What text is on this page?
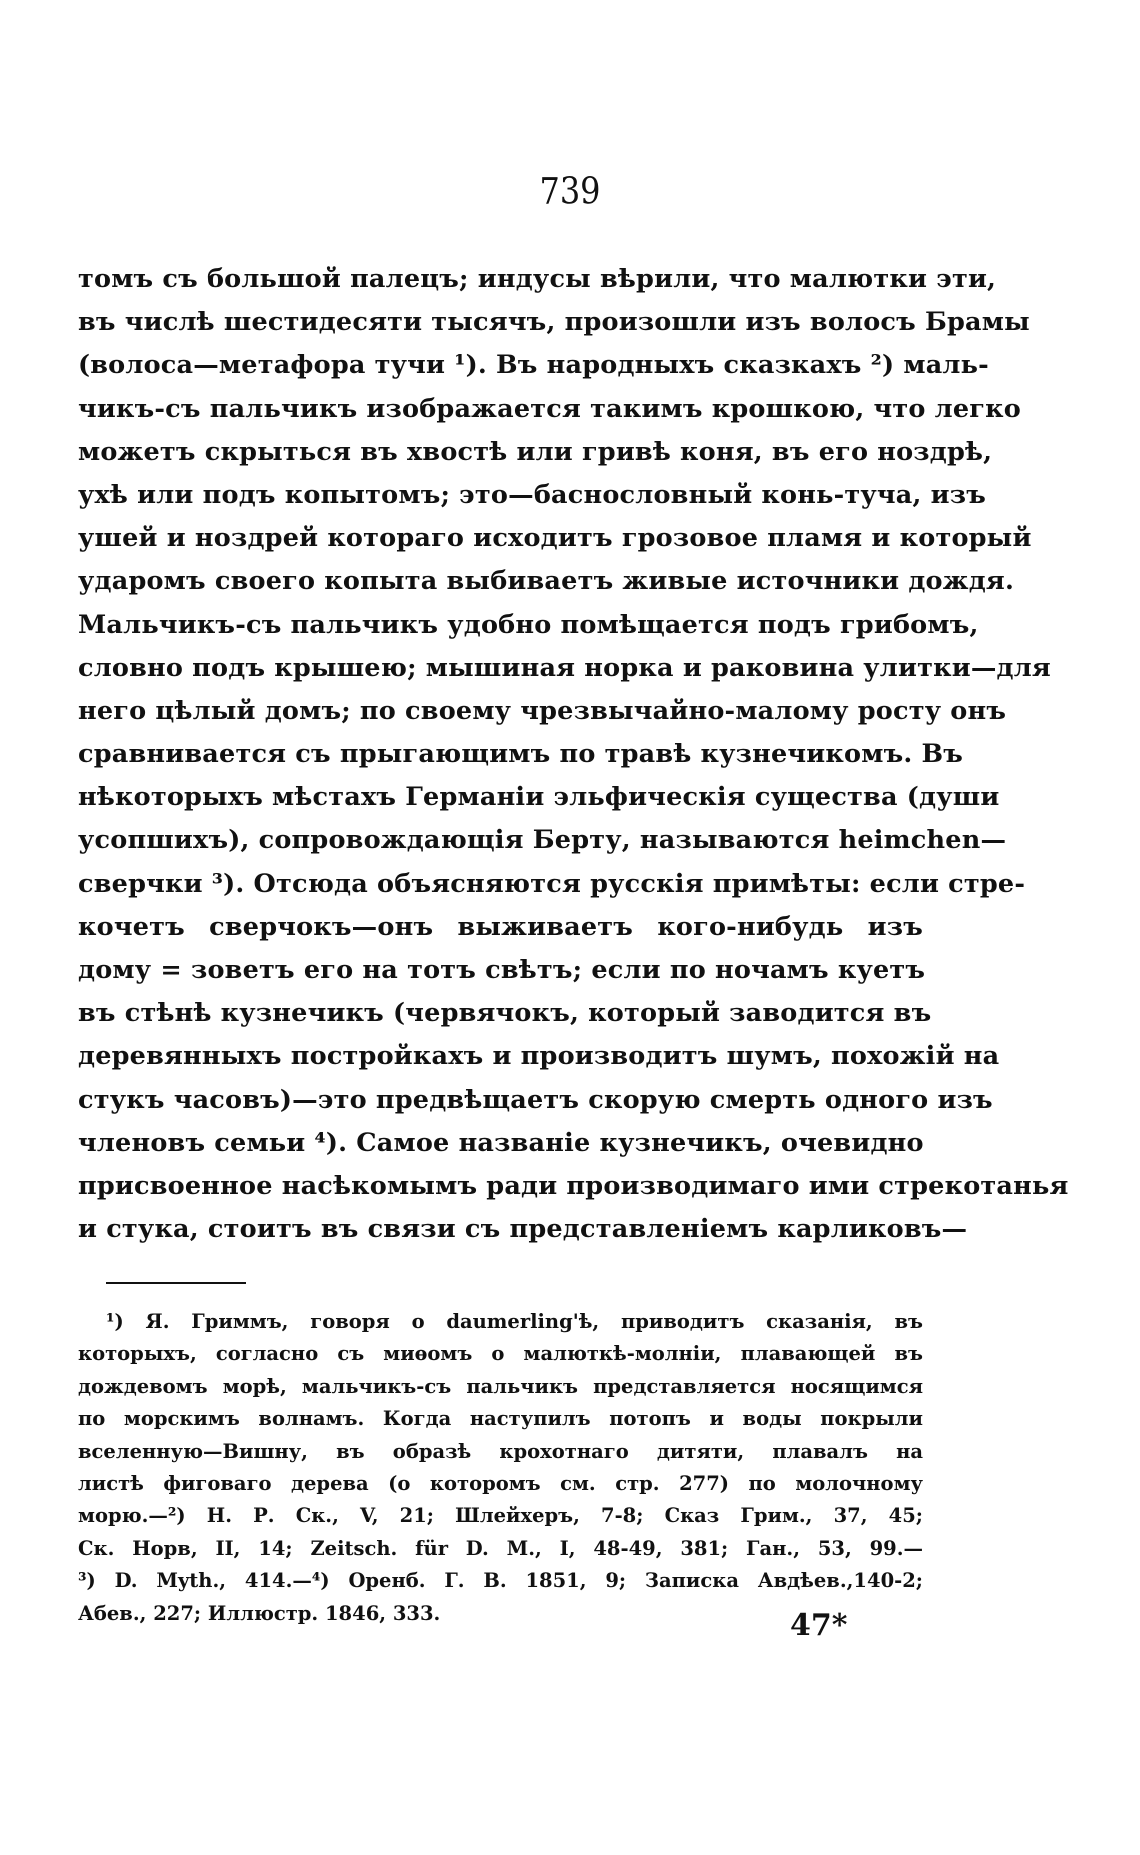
739
томъ съ большой палецъ; индусы вѣрили, что малютки эти,
въ числѣ шестидесяти тысячъ, произошли изъ волосъ Брамы
(волоса—метафора тучи ¹). Въ народныхъ сказкахъ ²) маль-
чикъ-съ пальчикъ изображается такимъ крошкою, что легко
можетъ скрыться въ хвостѣ или гривѣ коня, въ его ноздрѣ,
ухѣ или подъ копытомъ; это—баснословный конь-туча, изъ
ушей и ноздрей котораго исходитъ грозовое пламя и который
ударомъ своего копыта выбиваетъ живые источники дождя.
Мальчикъ-съ пальчикъ удобно помѣщается подъ грибомъ,
словно подъ крышею; мышиная норка и раковина улитки—для
него цѣлый домъ; по своему чрезвычайно-малому росту онъ
сравнивается съ прыгающимъ по травѣ кузнечикомъ. Въ
нѣкоторыхъ мѣстахъ Германіи эльфическія существа (души
усопшихъ), сопровождающія Берту, называются heimchen—
сверчки ³). Отсюда объясняются русскія примѣты: если стре-
кочетъ сверчокъ—онъ выживаетъ кого-нибудь изъ
дому = зоветъ его на тотъ свѣтъ; если по ночамъ куетъ
въ стѣнѣ кузнечикъ (червячокъ, который заводится въ
деревянныхъ постройкахъ и производитъ шумъ, похожій на
стукъ часовъ)—это предвѣщаетъ скорую смерть одного изъ
членовъ семьи ⁴). Самое названіе кузнечикъ, очевидно
присвоенное насѣкомымъ ради производимаго ими стрекотанья
и стука, стоитъ въ связи съ представленіемъ карликовъ—
¹) Я. Гриммъ, говоря о daumerling'ѣ, приводитъ сказанія, въ
которыхъ, согласно съ миѳомъ о малюткѣ-молніи, плавающей въ
дождевомъ морѣ, мальчикъ-съ пальчикъ представляется носящимся
по морскимъ волнамъ. Когда наступилъ потопъ и воды покрыли
вселенную—Вишну, въ образѣ крохотнаго дитяти, плавалъ на
листѣ фиговаго дерева (о которомъ см. стр. 277) по молочному
морю.—²) Н. Р. Ск., V, 21; Шлейхеръ, 7-8; Сказ Грим., 37, 45;
Ск. Норв, II, 14; Zeitsch. für D. M., I, 48-49, 381; Ган., 53, 99.—
³) D. Myth., 414.—⁴) Оренб. Г. В. 1851, 9; Записка Авдѣев.,140-2;
Абев., 227; Иллюстр. 1846, 333.	47*
